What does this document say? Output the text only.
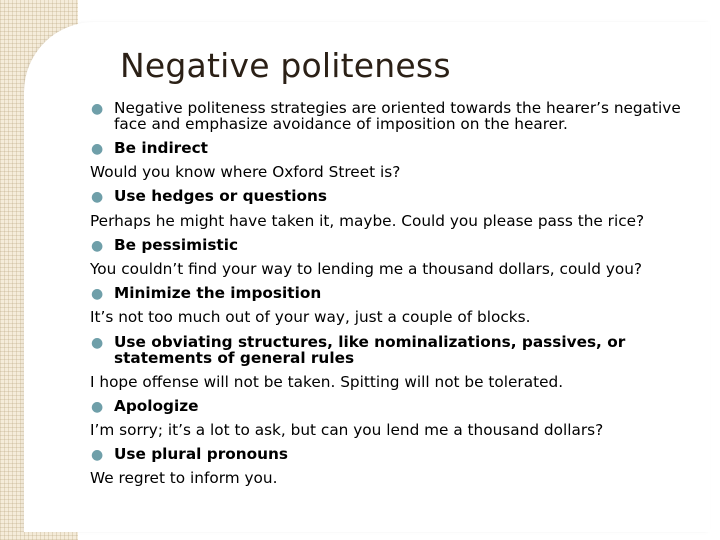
Negative politeness
● Negative politeness strategies are oriented towards the hearer’s negative face and emphasize avoidance of imposition on the hearer.
● Be indirect
Would you know where Oxford Street is?
● Use hedges or questions
Perhaps he might have taken it, maybe. Could you please pass the rice?
● Be pessimistic
You couldn’t find your way to lending me a thousand dollars, could you?
● Minimize the imposition
It’s not too much out of your way, just a couple of blocks.
● Use obviating structures, like nominalizations, passives, or statements of general rules
I hope offense will not be taken. Spitting will not be tolerated.
● Apologize
I’m sorry; it’s a lot to ask, but can you lend me a thousand dollars?
● Use plural pronouns
We regret to inform you.
